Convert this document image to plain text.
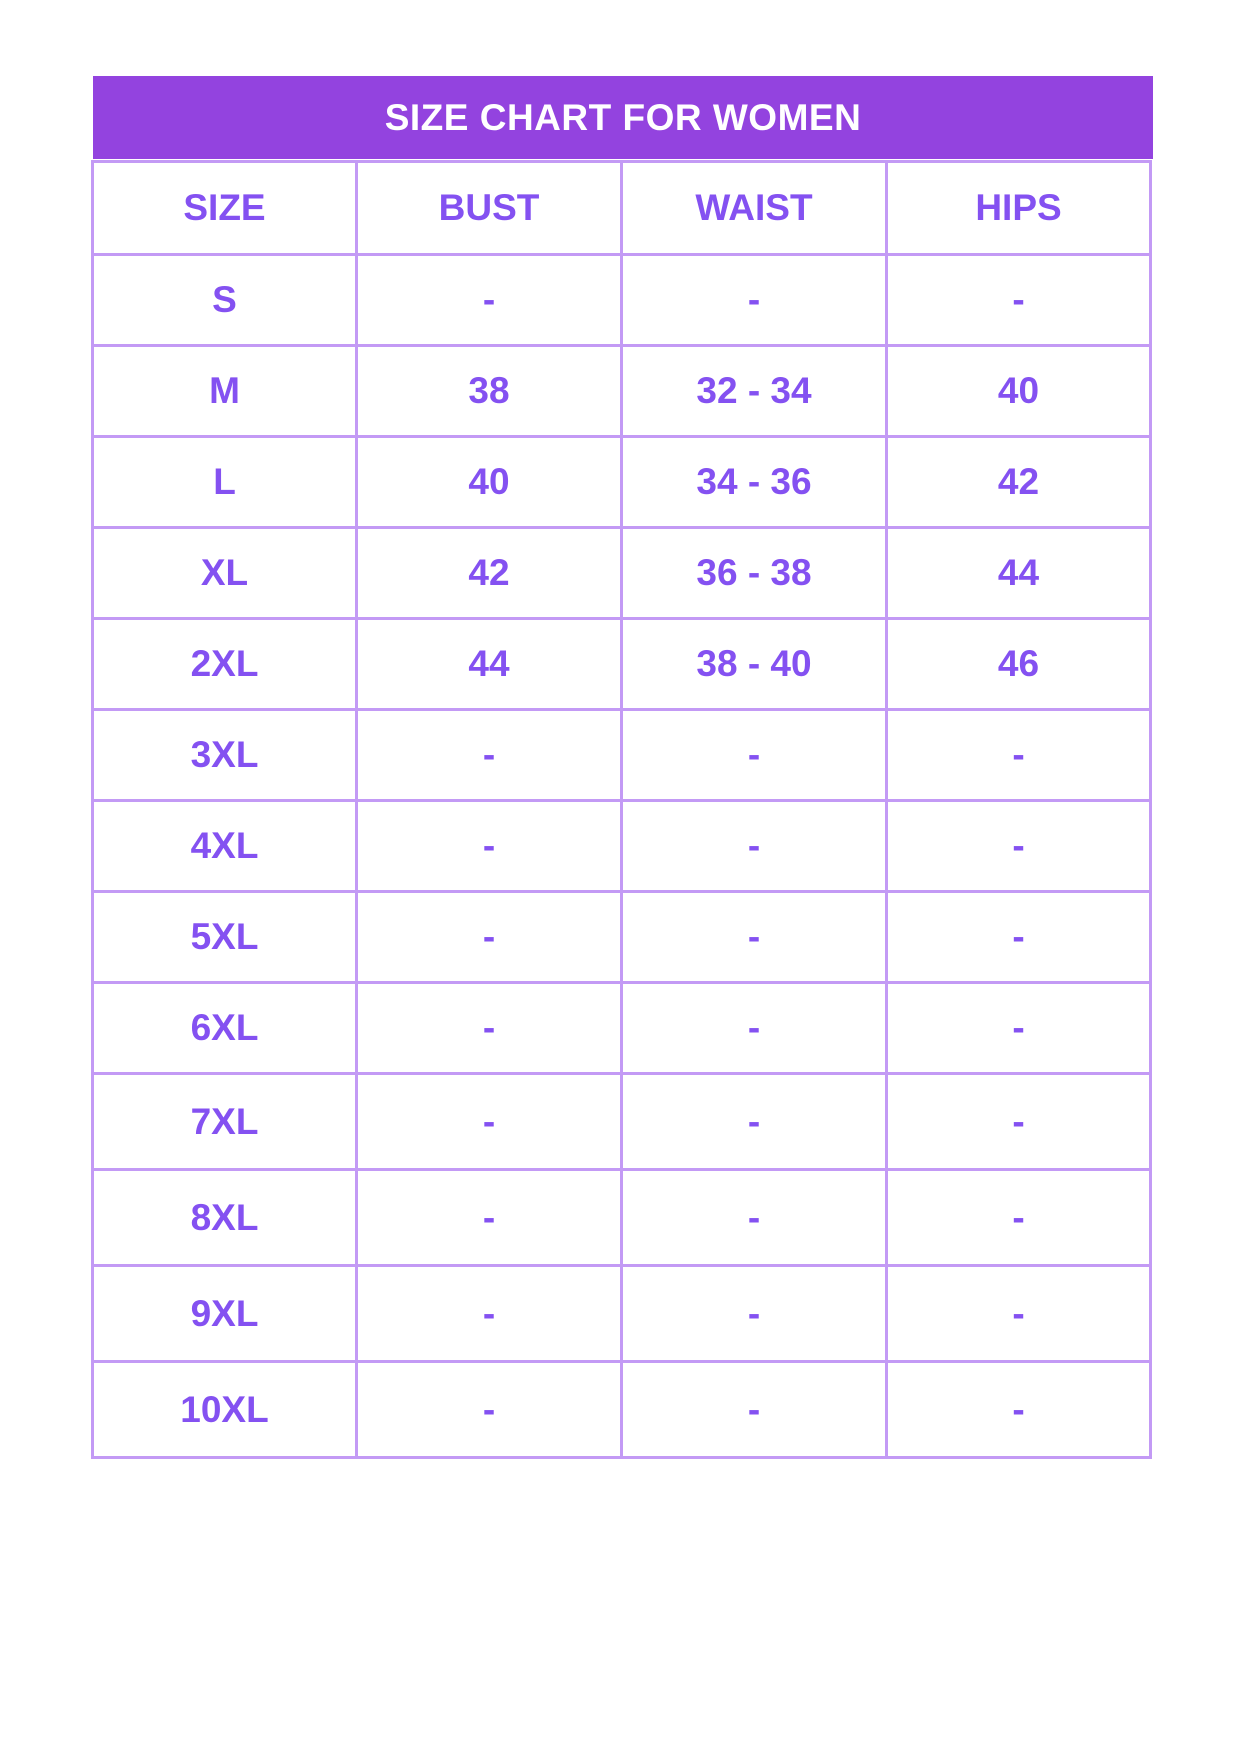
SIZE CHART FOR WOMEN
SIZE	BUST	WAIST	HIPS
S	-	-	-
M	38	32 - 34	40
L	40	34 - 36	42
XL	42	36 - 38	44
2XL	44	38 - 40	46
3XL	-	-	-
4XL	-	-	-
5XL	-	-	-
6XL	-	-	-
7XL	-	-	-
8XL	-	-	-
9XL	-	-	-
10XL	-	-	-
